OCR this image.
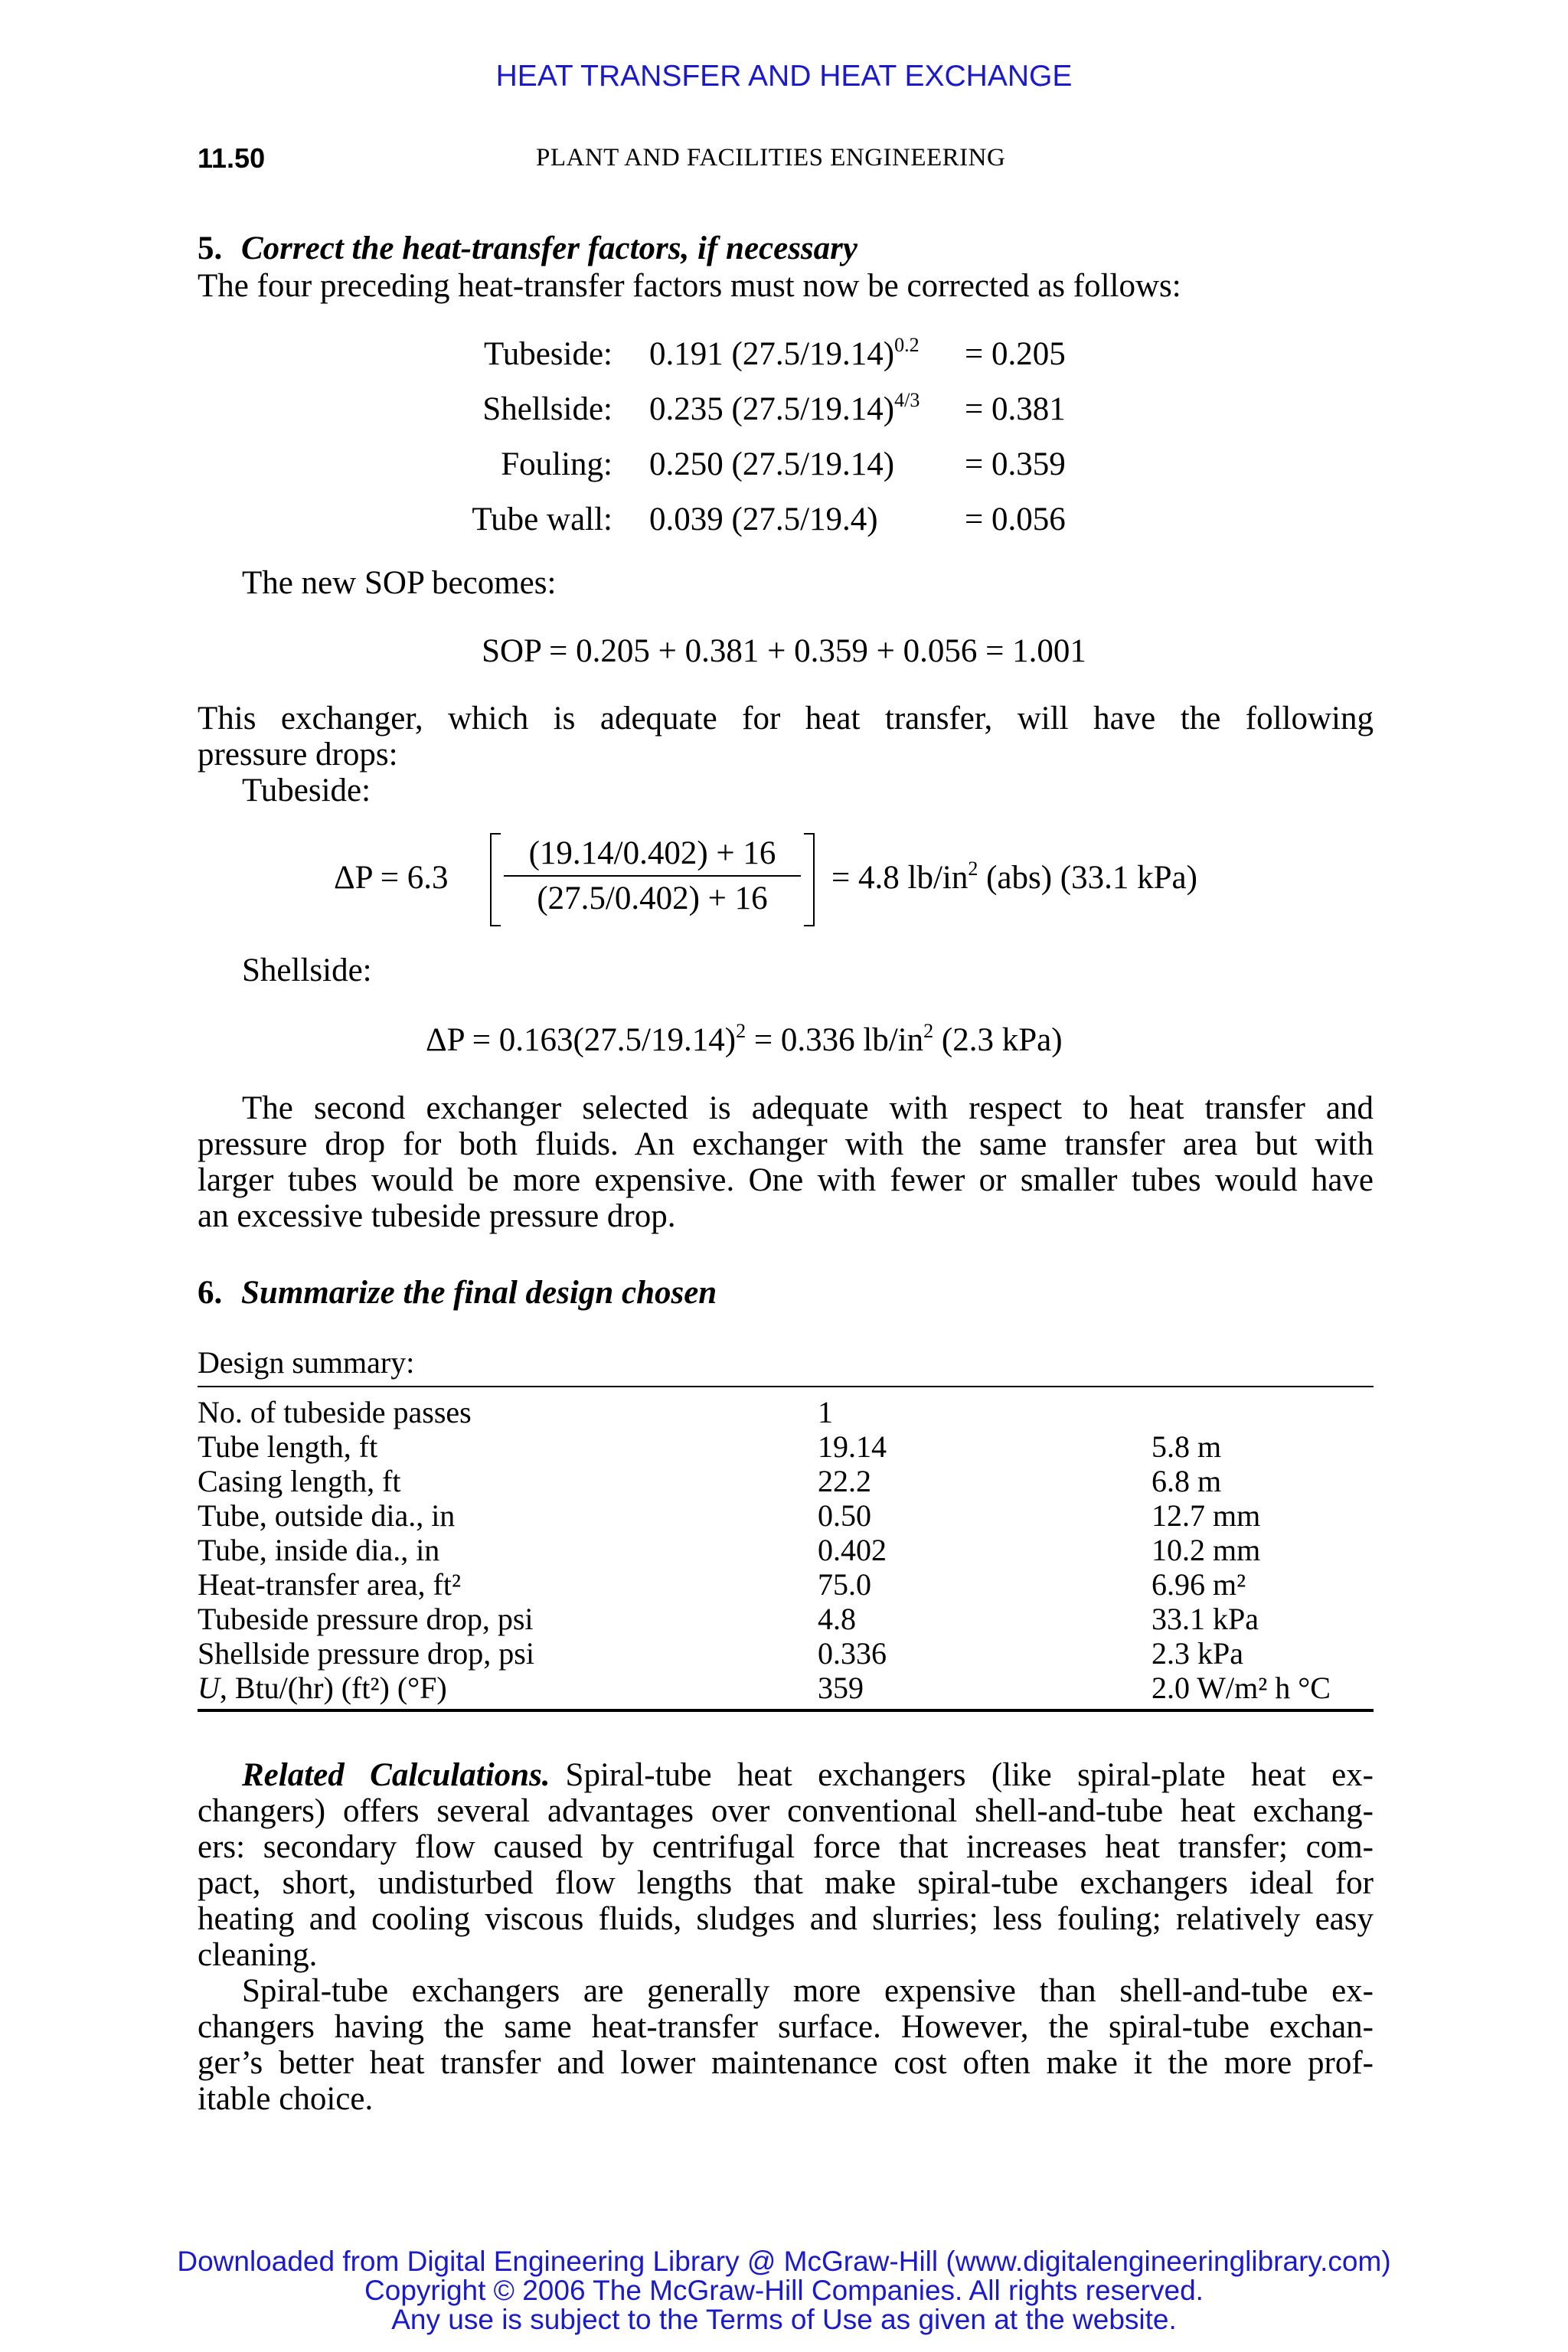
HEAT TRANSFER AND HEAT EXCHANGE
11.50	PLANT AND FACILITIES ENGINEERING
5. Correct the heat-transfer factors, if necessary
The four preceding heat-transfer factors must now be corrected as follows:
Tubeside: 0.191 $(27.5/19.14)^{0.2} = 0.205$
Shellside: 0.235 $(27.5/19.14)^{4/3} = 0.381$
Fouling: 0.250 (27.5/19.14) = 0.359
Tube wall: 0.039 (27.5/19.4)	= 0.056
The new SOP becomes:
SOP = 0.205 + 0.381 + 0.359 + 0.056 = 1.001
This exchanger, which is adequate for heat transfer, will have the following
pressure drops:
Tubeside:
$\Delta P = 6.3 \frac{(19.14/0.402) + 16}{(27.5/0.402) + 16} = 4.8$ $lb/in^2$ (abs) (33.1 kPa)
Shellside:
$\Delta P = 0.163(27.5/19.14)^2 = 0.336$ $lb/in^2$ (2.3 kPa)
The second exchanger selected is adequate with respect to heat transfer and
pressure drop for both fluids. An exchanger with the same transfer area but with
larger tubes would be more expensive. One with fewer or smaller tubes would have
an excessive tubeside pressure drop.
6. Summarize the final design chosen
Design summary:
No. of tubeside passes	1	
Tube length, ft	19.14	5.8 m
Casing length, ft	22.2	6.8 m
Tube, outside dia., in	0.50	12.7 mm
Tube, inside dia., in	0.402	10.2 mm
Heat-transfer area, ft²	75.0	6.96 m²
Tubeside pressure drop, psi	4.8	33.1 kPa
Shellside pressure drop, psi	0.336	2.3 kPa
U, Btu/(hr) (ft²) (°F)	359	2.0 W/m² h °C
Related Calculations. Spiral-tube heat exchangers (like spiral-plate heat ex-
changers) offers several advantages over conventional shell-and-tube heat exchang-
ers: secondary flow caused by centrifugal force that increases heat transfer; com-
pact, short, undisturbed flow lengths that make spiral-tube exchangers ideal for
heating and cooling viscous fluids, sludges and slurries; less fouling; relatively easy
cleaning.
Spiral-tube exchangers are generally more expensive than shell-and-tube ex-
changers having the same heat-transfer surface. However, the spiral-tube exchan-
ger’s better heat transfer and lower maintenance cost often make it the more prof-
itable choice.
Downloaded from Digital Engineering Library @ McGraw-Hill (www.digitalengineeringlibrary.com)
Copyright © 2006 The McGraw-Hill Companies. All rights reserved.
Any use is subject to the Terms of Use as given at the website.
